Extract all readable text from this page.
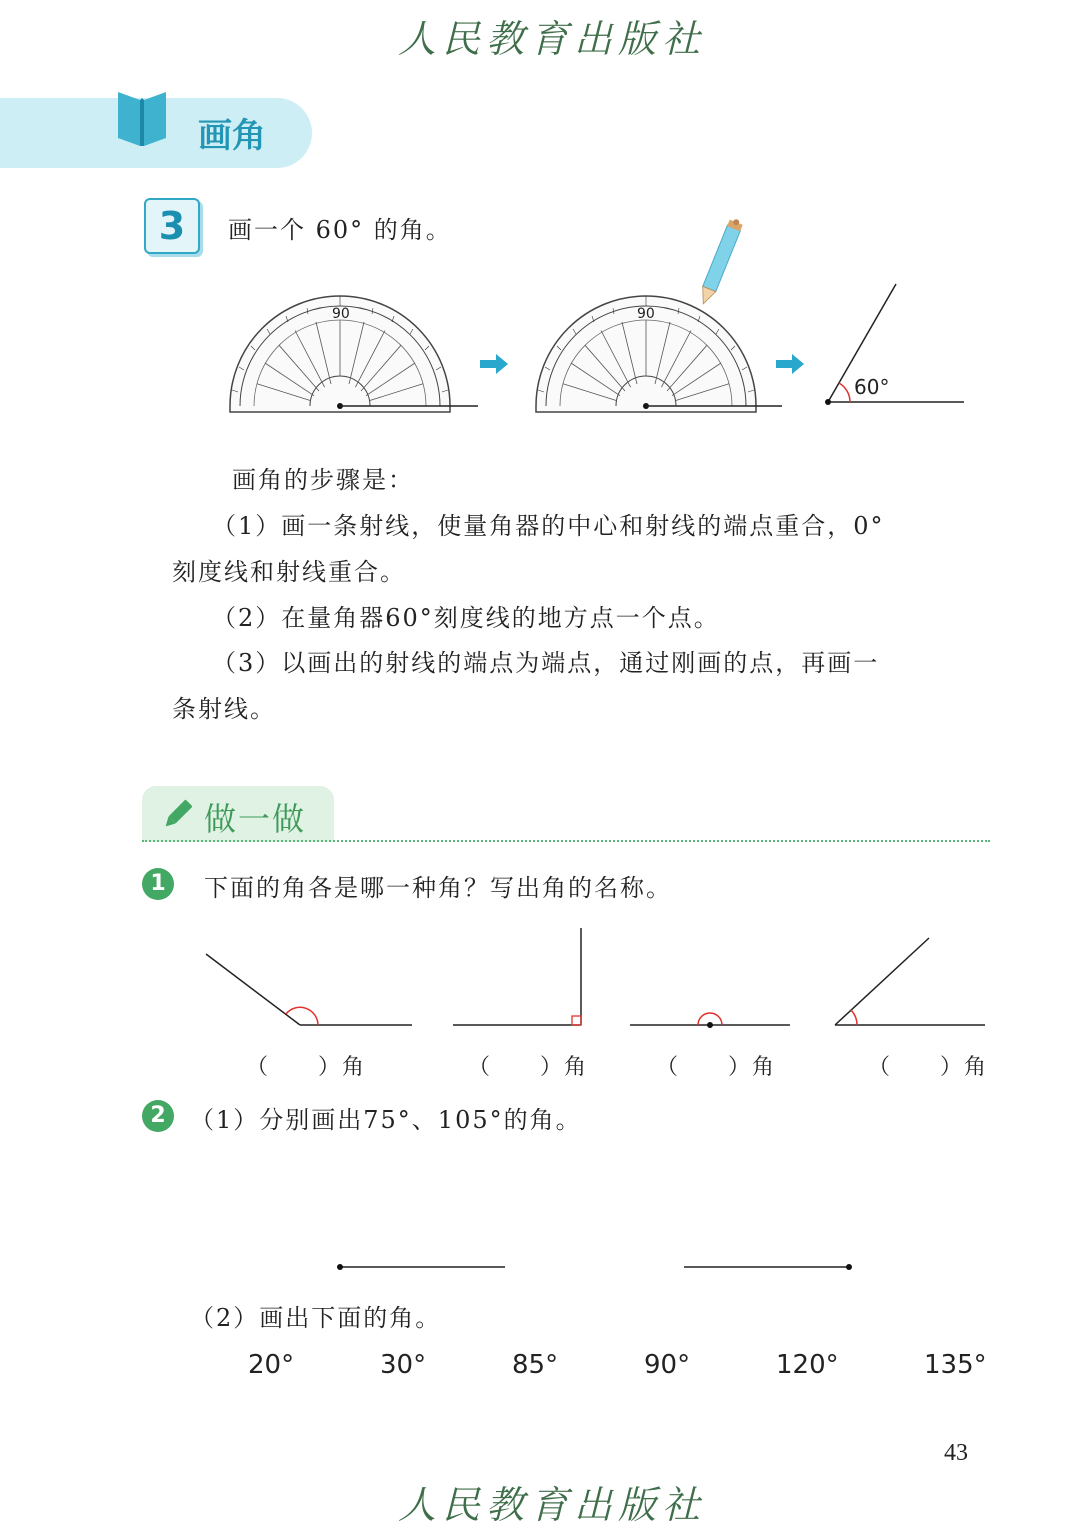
人民教育出版社
画角
3	画一个 60° 的角。
90	90
60°
画角的步骤是：
（1）画一条射线，使量角器的中心和射线的端点重合，0°
刻度线和射线重合。
（2）在量角器60°刻度线的地方点一个点。
（3）以画出的射线的端点为端点，通过刚画的点，再画一
条射线。
做一做
1	下面的角各是哪一种角？写出角的名称。
（　　）角	（　　）角	（　　）角	（　　）角
2	（1）分别画出75°、105°的角。
（2）画出下面的角。
20°	30°	85°	90°	120°	135°
43
人民教育出版社
